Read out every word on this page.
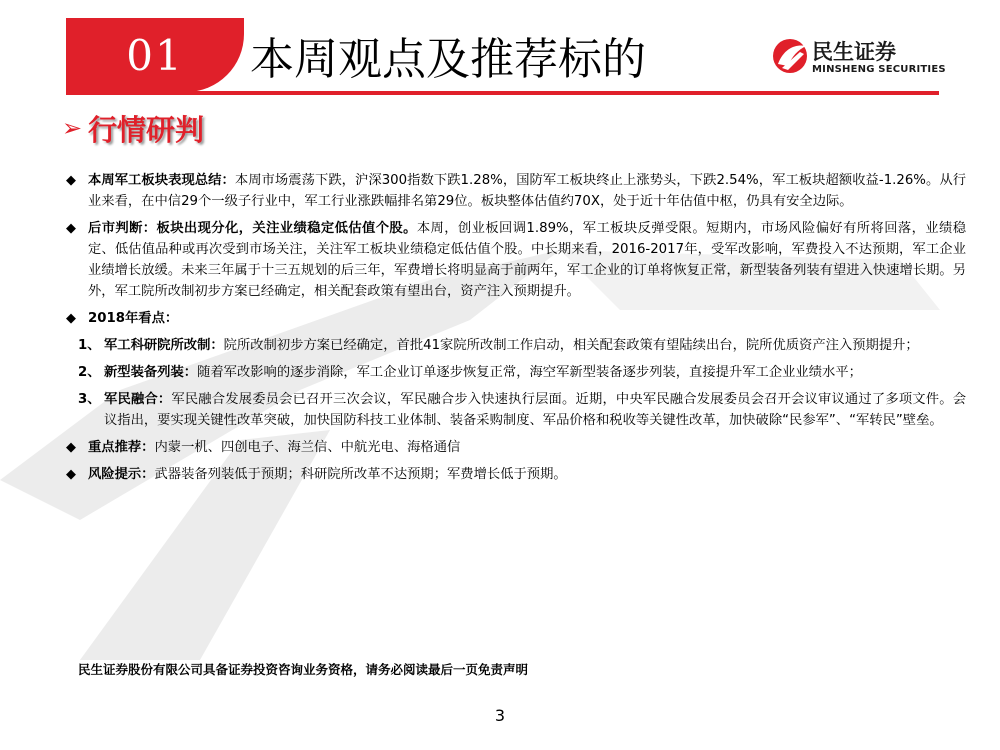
01	本周观点及推荐标的	民生证券
MINSHENG SECURITIES
➢ 行情研判
◆ 本周军工板块表现总结：本周市场震荡下跌，沪深300指数下跌1.28%，国防军工板块终止上涨势头，下跌2.54%，军工板块超额收益-1.26%。从行业来看，在中信29个一级子行业中，军工行业涨跌幅排名第29位。板块整体估值约70X，处于近十年估值中枢，仍具有安全边际。
◆ 后市判断：板块出现分化，关注业绩稳定低估值个股。本周，创业板回调1.89%，军工板块反弹受限。短期内，市场风险偏好有所将回落，业绩稳定、低估值品种或再次受到市场关注，关注军工板块业绩稳定低估值个股。中长期来看，2016-2017年，受军改影响，军费投入不达预期，军工企业业绩增长放缓。未来三年属于十三五规划的后三年，军费增长将明显高于前两年，军工企业的订单将恢复正常，新型装备列装有望进入快速增长期。另外，军工院所改制初步方案已经确定，相关配套政策有望出台，资产注入预期提升。
◆ 2018年看点：
1、 军工科研院所改制：院所改制初步方案已经确定，首批41家院所改制工作启动，相关配套政策有望陆续出台，院所优质资产注入预期提升；
2、 新型装备列装：随着军改影响的逐步消除，军工企业订单逐步恢复正常，海空军新型装备逐步列装，直接提升军工企业业绩水平；
3、 军民融合：军民融合发展委员会已召开三次会议，军民融合步入快速执行层面。近期，中央军民融合发展委员会召开会议审议通过了多项文件。会议指出，要实现关键性改革突破，加快国防科技工业体制、装备采购制度、军品价格和税收等关键性改革，加快破除“民参军”、“军转民”壁垒。
◆ 重点推荐：内蒙一机、四创电子、海兰信、中航光电、海格通信
◆ 风险提示：武器装备列装低于预期；科研院所改革不达预期；军费增长低于预期。
民生证券股份有限公司具备证券投资咨询业务资格，请务必阅读最后一页免责声明
3
